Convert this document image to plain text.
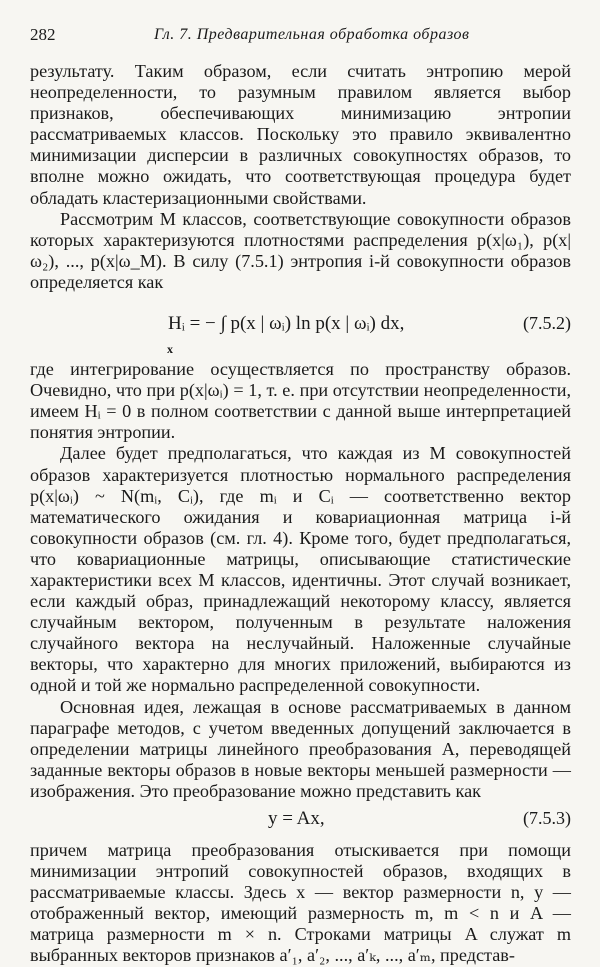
282	Гл. 7. Предварительная обработка образов

результату. Таким образом, если считать энтропию мерой неопределенности, то разумным правилом является выбор признаков, обеспечивающих минимизацию энтропии рассматриваемых классов. Поскольку это правило эквивалентно минимизации дисперсии в различных совокупностях образов, то вполне можно ожидать, что соответствующая процедура будет обладать кластеризационными свойствами.

Рассмотрим M классов, соответствующие совокупности образов которых характеризуются плотностями распределения p(x|ω₁), p(x|ω₂), ..., p(x|ω_M). В силу (7.5.1) энтропия i-й совокупности образов определяется как

Hᵢ = − ∫ p(x | ωᵢ) ln p(x | ωᵢ) dx,
x
(7.5.2)

где интегрирование осуществляется по пространству образов. Очевидно, что при p(x|ωᵢ) = 1, т. е. при отсутствии неопределенности, имеем Hᵢ = 0 в полном соответствии с данной выше интерпретацией понятия энтропии.

Далее будет предполагаться, что каждая из M совокупностей образов характеризуется плотностью нормального распределения p(x|ωᵢ) ~ N(mᵢ, Cᵢ), где mᵢ и Cᵢ — соответственно вектор математического ожидания и ковариационная матрица i-й совокупности образов (см. гл. 4). Кроме того, будет предполагаться, что ковариационные матрицы, описывающие статистические характеристики всех M классов, идентичны. Этот случай возникает, если каждый образ, принадлежащий некоторому классу, является случайным вектором, полученным в результате наложения случайного вектора на неслучайный. Наложенные случайные векторы, что характерно для многих приложений, выбираются из одной и той же нормально распределенной совокупности.

Основная идея, лежащая в основе рассматриваемых в данном параграфе методов, с учетом введенных допущений заключается в определении матрицы линейного преобразования A, переводящей заданные векторы образов в новые векторы меньшей размерности — изображения. Это преобразование можно представить как

y = Ax,	(7.5.3)

причем матрица преобразования отыскивается при помощи минимизации энтропий совокупностей образов, входящих в рассматриваемые классы. Здесь x — вектор размерности n, y — отображенный вектор, имеющий размерность m, m < n и A — матрица размерности m × n. Строками матрицы A служат m выбранных векторов признаков a′₁, a′₂, ..., a′ₖ, ..., a′ₘ, представ-
